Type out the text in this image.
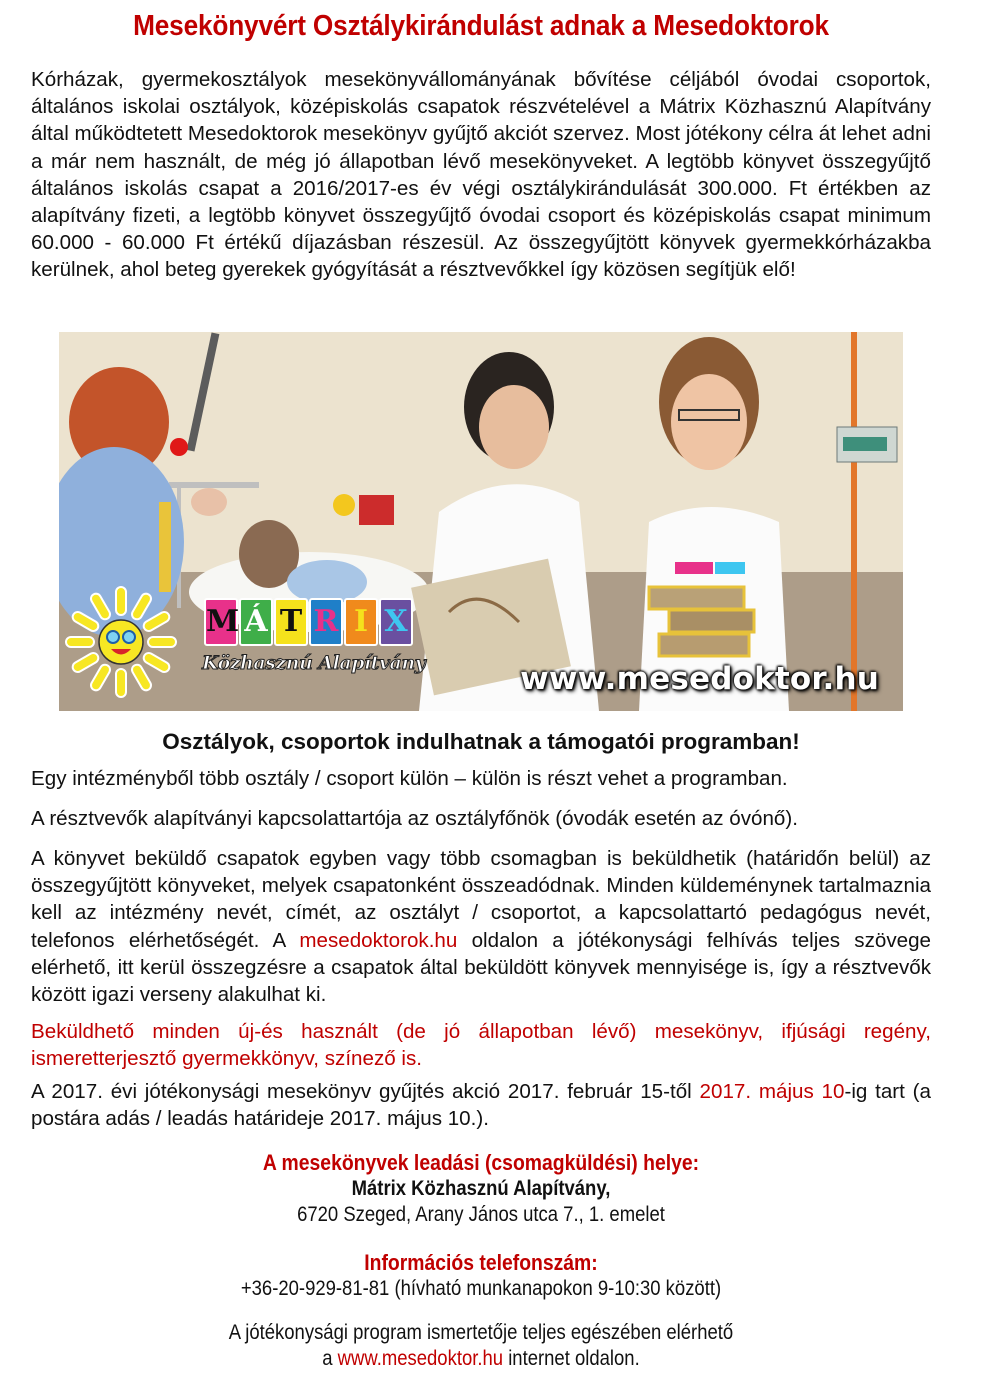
Mesekönyvért Osztálykirándulást adnak a Mesedoktorok

Kórházak, gyermekosztályok mesekönyvállományának bővítése céljából óvodai csoportok, általános iskolai osztályok, középiskolás csapatok részvételével a Mátrix Közhasznú Alapítvány által működtetett Mesedoktorok mesekönyv gyűjtő akciót szervez. Most jótékony célra át lehet adni a már nem használt, de még jó állapotban lévő mesekönyveket. A legtöbb könyvet összegyűjtő általános iskolás csapat a 2016/2017-es év végi osztálykirándulását 300.000. Ft értékben az alapítvány fizeti, a legtöbb könyvet összegyűjtő óvodai csoport és középiskolás csapat minimum 60.000 - 60.000 Ft értékű díjazásban részesül. Az összegyűjtött könyvek gyermekkórházakba kerülnek, ahol beteg gyerekek gyógyítását a résztvevőkkel így közösen segítjük elő!

M Á T R I X
Közhasznú Alapítvány	www.mesedoktor.hu
Osztályok, csoportok indulhatnak a támogatói programban!

Egy intézményből több osztály / csoport külön – külön is részt vehet a programban.

A résztvevők alapítványi kapcsolattartója az osztályfőnök (óvodák esetén az óvónő).

A könyvet beküldő csapatok egyben vagy több csomagban is beküldhetik (határidőn belül) az összegyűjtött könyveket, melyek csapatonként összeadódnak. Minden küldeménynek tartalmaznia kell az intézmény nevét, címét, az osztályt / csoportot, a kapcsolattartó pedagógus nevét, telefonos elérhetőségét. A mesedoktorok.hu oldalon a jótékonysági felhívás teljes szövege elérhető, itt kerül összegzésre a csapatok által beküldött könyvek mennyisége is, így a résztvevők között igazi verseny alakulhat ki.

Beküldhető minden új-és használt (de jó állapotban lévő) mesekönyv, ifjúsági regény, ismeretterjesztő gyermekkönyv, színező is.

A 2017. évi jótékonysági mesekönyv gyűjtés akció 2017. február 15-től 2017. május 10-ig tart (a postára adás / leadás határideje 2017. május 10.).

A mesekönyvek leadási (csomagküldési) helye:
Mátrix Közhasznú Alapítvány,
6720 Szeged, Arany János utca 7., 1. emelet
Információs telefonszám:
+36-20-929-81-81 (hívható munkanapokon 9-10:30 között)
A jótékonysági program ismertetője teljes egészében elérhető
a www.mesedoktor.hu internet oldalon.
